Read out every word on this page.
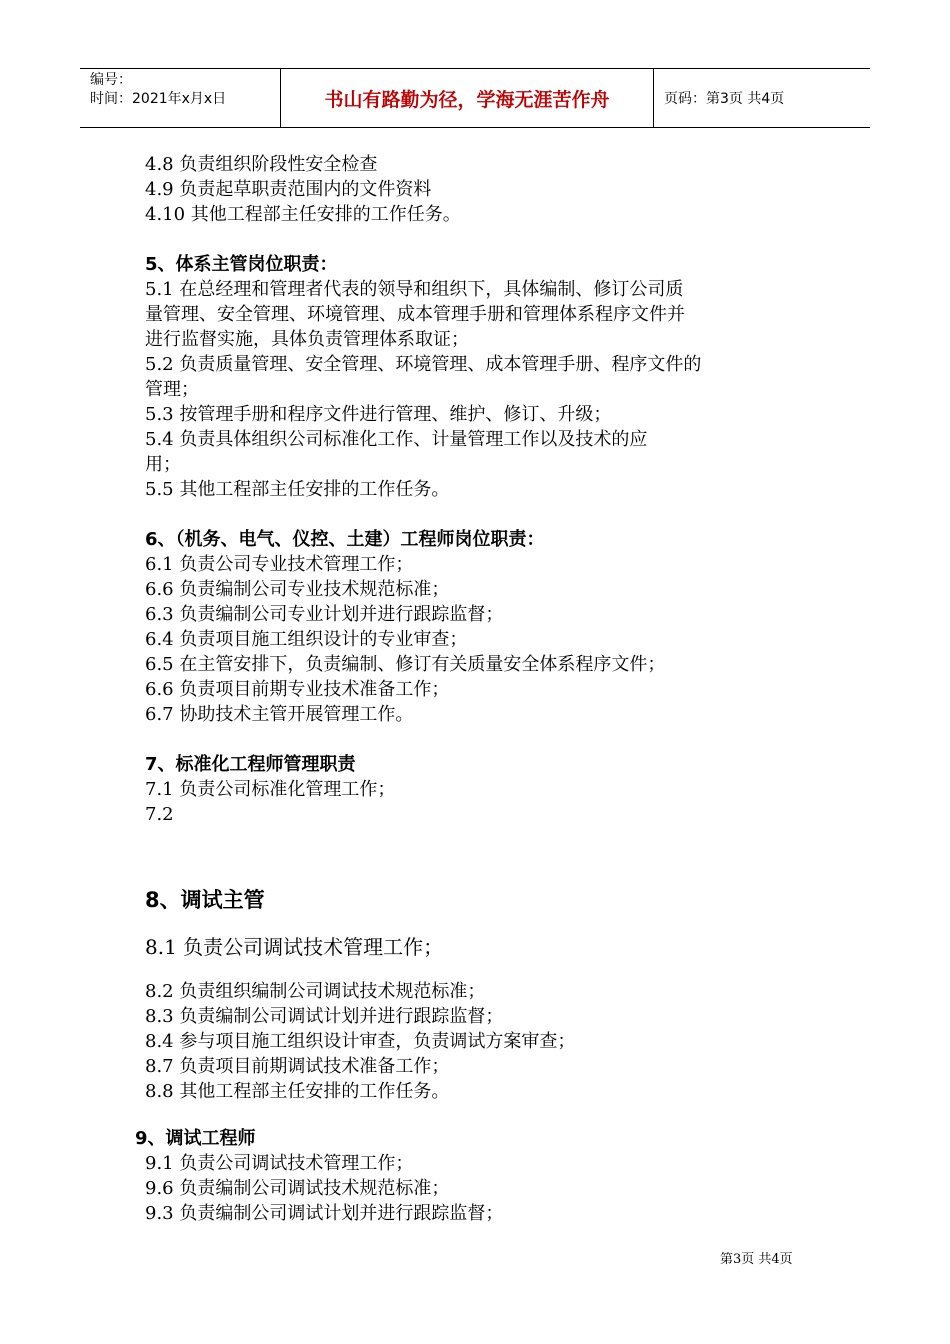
编号：
时间：2021年x月x日	书山有路勤为径，学海无涯苦作舟	页码：第3页 共4页
4.8 负责组织阶段性安全检查
4.9 负责起草职责范围内的文件资料
4.10 其他工程部主任安排的工作任务。
5、体系主管岗位职责：
5.1 在总经理和管理者代表的领导和组织下，具体编制、修订公司质
量管理、安全管理、环境管理、成本管理手册和管理体系程序文件并
进行监督实施，具体负责管理体系取证；
5.2 负责质量管理、安全管理、环境管理、成本管理手册、程序文件的
管理；
5.3 按管理手册和程序文件进行管理、维护、修订、升级；
5.4 负责具体组织公司标准化工作、计量管理工作以及技术的应
用；
5.5 其他工程部主任安排的工作任务。
6、（机务、电气、仪控、土建）工程师岗位职责：
6.1 负责公司专业技术管理工作；
6.6 负责编制公司专业技术规范标准；
6.3 负责编制公司专业计划并进行跟踪监督；
6.4 负责项目施工组织设计的专业审查；
6.5 在主管安排下，负责编制、修订有关质量安全体系程序文件；
6.6 负责项目前期专业技术准备工作；
6.7 协助技术主管开展管理工作。
7、标准化工程师管理职责
7.1 负责公司标准化管理工作；
7.2
8、调试主管
8.1 负责公司调试技术管理工作；
8.2 负责组织编制公司调试技术规范标准；
8.3 负责编制公司调试计划并进行跟踪监督；
8.4 参与项目施工组织设计审查，负责调试方案审查；
8.7 负责项目前期调试技术准备工作；
8.8 其他工程部主任安排的工作任务。
9、调试工程师
9.1 负责公司调试技术管理工作；
9.6 负责编制公司调试技术规范标准；
9.3 负责编制公司调试计划并进行跟踪监督；
第3页 共4页
